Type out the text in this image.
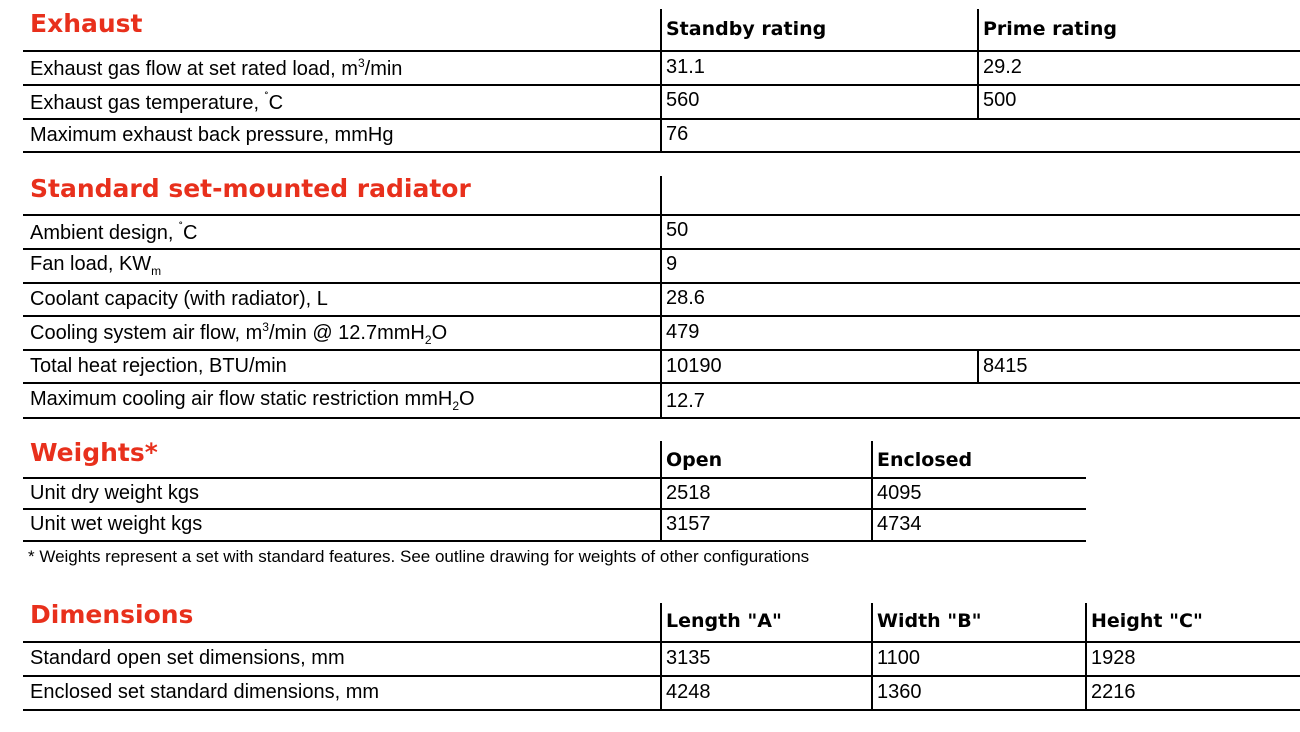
Exhaust	Standby rating	Prime rating
Exhaust gas flow at set rated load, $m^3/\min$	31.1	29.2
Exhaust gas temperature, ˚C	560	500
Maximum exhaust back pressure, mmHg	76
Standard set-mounted radiator
Ambient design, ˚C	50
Fan load, $KW_m$	9
Coolant capacity (with radiator), L	28.6
Cooling system air flow, $m^3/\min$ @ 12.7mmH$_2$O	479
Total heat rejection, BTU/min	10190	8415
Maximum cooling air flow static restriction mmH$_2$O	12.7
Weights*	Open	Enclosed
Unit dry weight kgs	2518	4095
Unit wet weight kgs	3157	4734
* Weights represent a set with standard features. See outline drawing for weights of other configurations
Dimensions	Length "A"	Width "B"	Height "C"
Standard open set dimensions, mm	3135	1100	1928
Enclosed set standard dimensions, mm	4248	1360	2216
